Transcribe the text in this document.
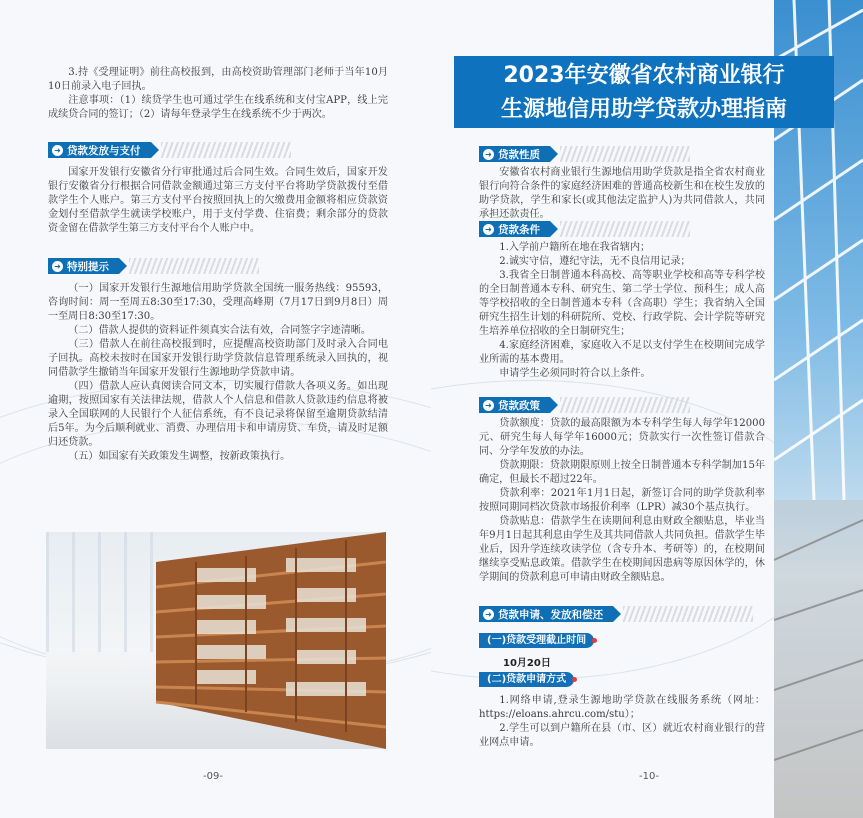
3.持《受理证明》前往高校报到，由高校资助管理部门老师于当年10月10日前录入电子回执。

注意事项：（1）续贷学生也可通过学生在线系统和支付宝APP，线上完成续贷合同的签订；（2）请每年登录学生在线系统不少于两次。

➜ 贷款发放与支付

国家开发银行安徽省分行审批通过后合同生效。合同生效后，国家开发银行安徽省分行根据合同借款金额通过第三方支付平台将助学贷款拨付至借款学生个人账户。第三方支付平台按照回执上的欠缴费用金额将相应贷款资金划付至借款学生就读学校账户，用于支付学费、住宿费；剩余部分的贷款资金留在借款学生第三方支付平台个人账户中。

➜ 特别提示

（一）国家开发银行生源地信用助学贷款全国统一服务热线：95593，咨询时间：周一至周五8:30至17:30，受理高峰期（7月17日到9月8日）周一至周日8:30至17:30。

（二）借款人提供的资料证件须真实合法有效，合同签字字迹清晰。

（三）借款人在前往高校报到时，应提醒高校资助部门及时录入合同电子回执。高校未按时在国家开发银行助学贷款信息管理系统录入回执的，视同借款学生撤销当年国家开发银行生源地助学贷款申请。

（四）借款人应认真阅读合同文本，切实履行借款人各项义务。如出现逾期，按照国家有关法律法规，借款人个人信息和借款人贷款违约信息将被录入全国联网的人民银行个人征信系统，有不良记录将保留至逾期贷款结清后5年。为今后顺利就业、消费、办理信用卡和申请房贷、车贷，请及时足额归还贷款。

（五）如国家有关政策发生调整，按新政策执行。

-09-
2023年安徽省农村商业银行
生源地信用助学贷款办理指南
➜ 贷款性质

安徽省农村商业银行生源地信用助学贷款是指全省农村商业银行向符合条件的家庭经济困难的普通高校新生和在校生发放的助学贷款，学生和家长(或其他法定监护人)为共同借款人，共同承担还款责任。

➜ 贷款条件

1.入学前户籍所在地在我省辖内；

2.诚实守信，遵纪守法，无不良信用记录；

3.我省全日制普通本科高校、高等职业学校和高等专科学校的全日制普通本专科、研究生、第二学士学位、预科生；成人高等学校招收的全日制普通本专科（含高职）学生；我省纳入全国研究生招生计划的科研院所、党校、行政学院、会计学院等研究生培养单位招收的全日制研究生；

4.家庭经济困难，家庭收入不足以支付学生在校期间完成学业所需的基本费用。

申请学生必须同时符合以上条件。

➜ 贷款政策

贷款额度：贷款的最高限额为本专科学生每人每学年12000元、研究生每人每学年16000元；贷款实行一次性签订借款合同、分学年发放的办法。

贷款期限：贷款期限原则上按全日制普通本专科学制加15年确定，但最长不超过22年。

贷款利率：2021年1月1日起，新签订合同的助学贷款利率按照同期同档次贷款市场报价利率（LPR）减30个基点执行。

贷款贴息：借款学生在读期间利息由财政全额贴息，毕业当年9月1日起其利息由学生及其共同借款人共同负担。借款学生毕业后，因升学连续攻读学位（含专升本、考研等）的，在校期间继续享受贴息政策。借款学生在校期间因患病等原因休学的，休学期间的贷款利息可申请由财政全额贴息。

➜ 贷款申请、发放和偿还
(一)贷款受理截止时间
10月20日
(二)贷款申请方式

1.网络申请,登录生源地助学贷款在线服务系统（网址：https://eloans.ahrcu.com/stu）；

2.学生可以到户籍所在县（市、区）就近农村商业银行的营业网点申请。

-10-
